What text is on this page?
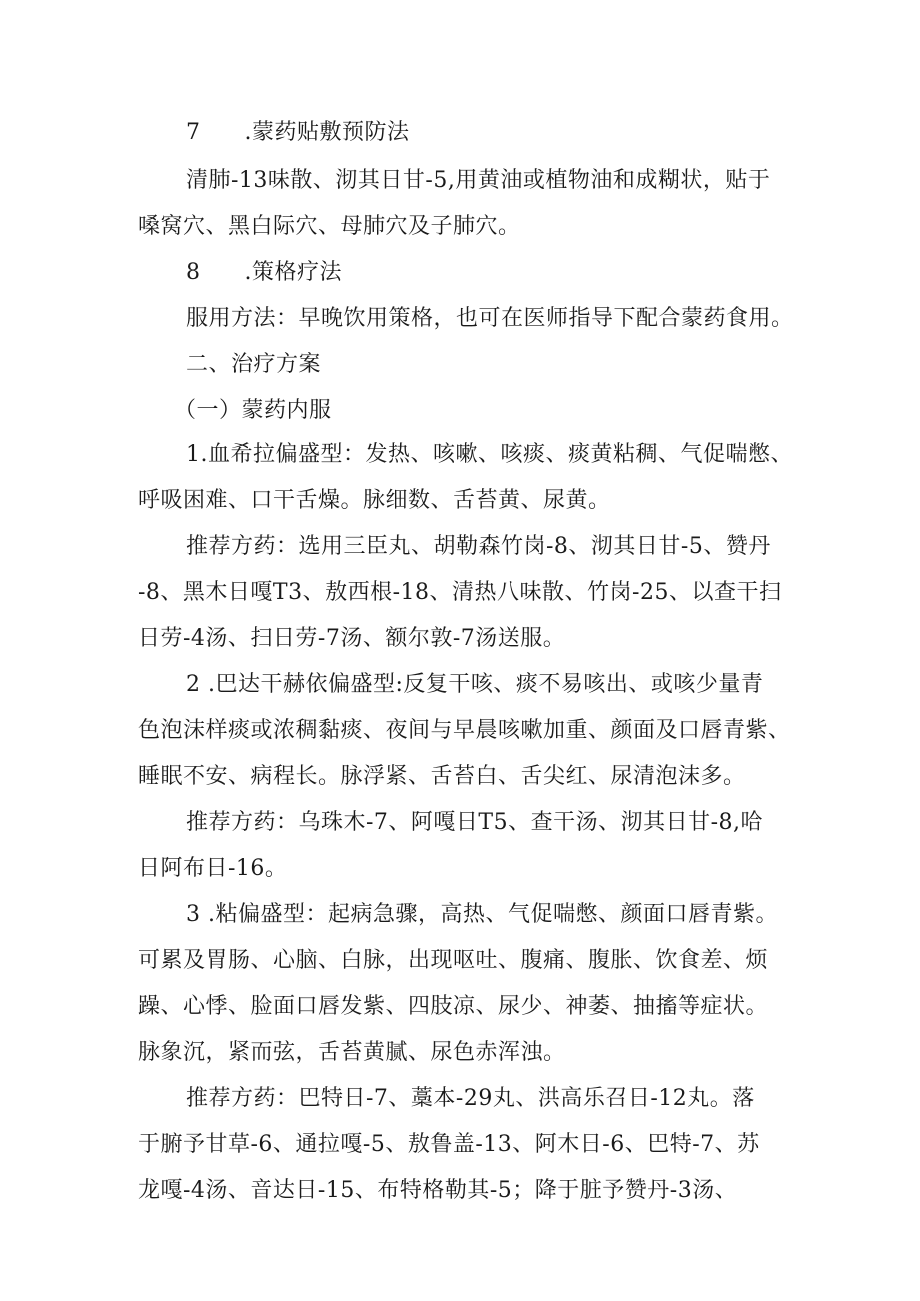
7 .蒙药贴敷预防法
清肺-13味散、沏其日甘-5,用黄油或植物油和成糊状，贴于
嗓窝穴、黑白际穴、母肺穴及子肺穴。
8 .策格疗法
服用方法：早晚饮用策格，也可在医师指导下配合蒙药食用。
二、治疗方案
（一）蒙药内服
1.血希拉偏盛型：发热、咳嗽、咳痰、痰黄粘稠、气促喘憋、
呼吸困难、口干舌燥。脉细数、舌苔黄、尿黄。
推荐方药：选用三臣丸、胡勒森竹岗-8、沏其日甘-5、赞丹
-8、黑木日嘎T3、敖西根-18、清热八味散、竹岗-25、以查干扫
日劳-4汤、扫日劳-7汤、额尔敦-7汤送服。
2 .巴达干赫依偏盛型:反复干咳、痰不易咳出、或咳少量青
色泡沫样痰或浓稠黏痰、夜间与早晨咳嗽加重、颜面及口唇青紫、
睡眠不安、病程长。脉浮紧、舌苔白、舌尖红、尿清泡沫多。
推荐方药：乌珠木-7、阿嘎日T5、查干汤、沏其日甘-8,哈
日阿布日-16。
3 .粘偏盛型：起病急骤，高热、气促喘憋、颜面口唇青紫。
可累及胃肠、心脑、白脉，出现呕吐、腹痛、腹胀、饮食差、烦
躁、心悸、脸面口唇发紫、四肢凉、尿少、神萎、抽搐等症状。
脉象沉，紧而弦，舌苔黄腻、尿色赤浑浊。
推荐方药：巴特日-7、藁本-29丸、洪高乐召日-12丸。落
于腑予甘草-6、通拉嘎-5、敖鲁盖-13、阿木日-6、巴特-7、苏
龙嘎-4汤、音达日-15、布特格勒其-5；降于脏予赞丹-3汤、
